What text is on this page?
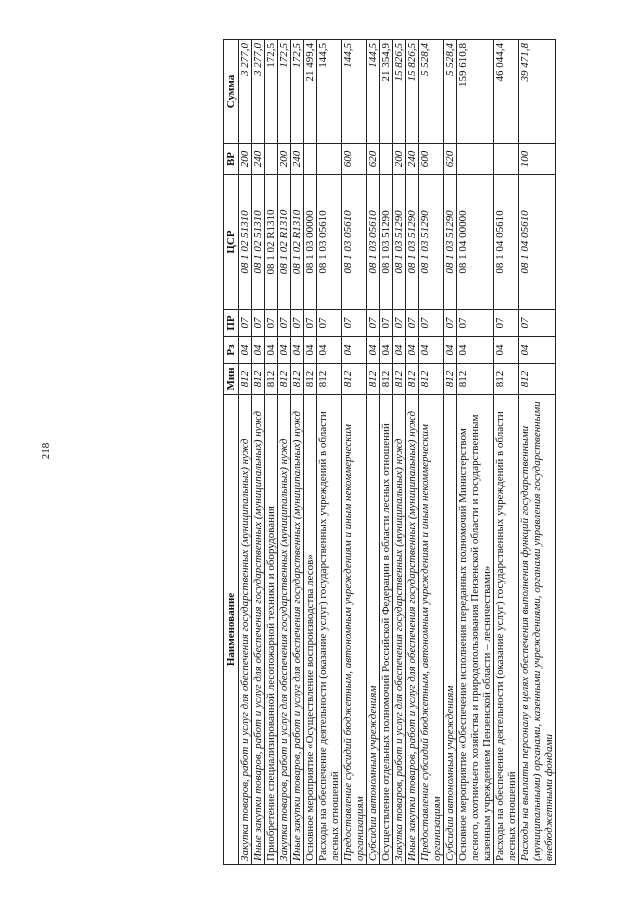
218
Наименование	Мин	Рз	ПР	ЦСР	ВР	Сумма
Закупка товаров, работ и услуг для обеспечения государственных (муниципальных) нужд	812	04	07	08 1 02 51310	200	3 277,0
Иные закупки товаров, работ и услуг для обеспечения государственных (муниципальных) нужд	812	04	07	08 1 02 51310	240	3 277,0
Приобретение специализированной лесопожарной техники и оборудования	812	04	07	08 1 02 R1310		172,5
Закупка товаров, работ и услуг для обеспечения государственных (муниципальных) нужд	812	04	07	08 1 02 R1310	200	172,5
Иные закупки товаров, работ и услуг для обеспечения государственных (муниципальных) нужд	812	04	07	08 1 02 R1310	240	172,5
Основное мероприятие «Осуществление воспроизводства лесов»	812	04	07	08 1 03 00000		21 499,4
Расходы на обеспечение деятельности (оказание услуг) государственных учреждений в области лесных отношений	812	04	07	08 1 03 05610		144,5
Предоставление субсидий бюджетным, автономным учреждениям и иным некоммерческим организациям	812	04	07	08 1 03 05610	600	144,5
Субсидии автономным учреждениям	812	04	07	08 1 03 05610	620	144,5
Осуществление отдельных полномочий Российской Федерации в области лесных отношений	812	04	07	08 1 03 51290		21 354,9
Закупка товаров, работ и услуг для обеспечения государственных (муниципальных) нужд	812	04	07	08 1 03 51290	200	15 826,5
Иные закупки товаров, работ и услуг для обеспечения государственных (муниципальных) нужд	812	04	07	08 1 03 51290	240	15 826,5
Предоставление субсидий бюджетным, автономным учреждениям и иным некоммерческим организациям	812	04	07	08 1 03 51290	600	5 528,4
Субсидии автономным учреждениям	812	04	07	08 1 03 51290	620	5 528,4
Основное мероприятие «Обеспечение исполнения переданных полномочий Министерством лесного, охотничьего хозяйства и природопользования Пензенской области и государственным казенным учреждением Пензенской области – лесничествами»	812	04	07	08 1 04 00000		159 610,8
Расходы на обеспечение деятельности (оказание услуг) государственных учреждений в области лесных отношений	812	04	07	08 1 04 05610		46 044,4
Расходы на выплаты персоналу в целях обеспечения выполнения функций государственными (муниципальными) органами, казенными учреждениями, органами управления государственными внебюджетными фондами	812	04	07	08 1 04 05610	100	39 471,8
